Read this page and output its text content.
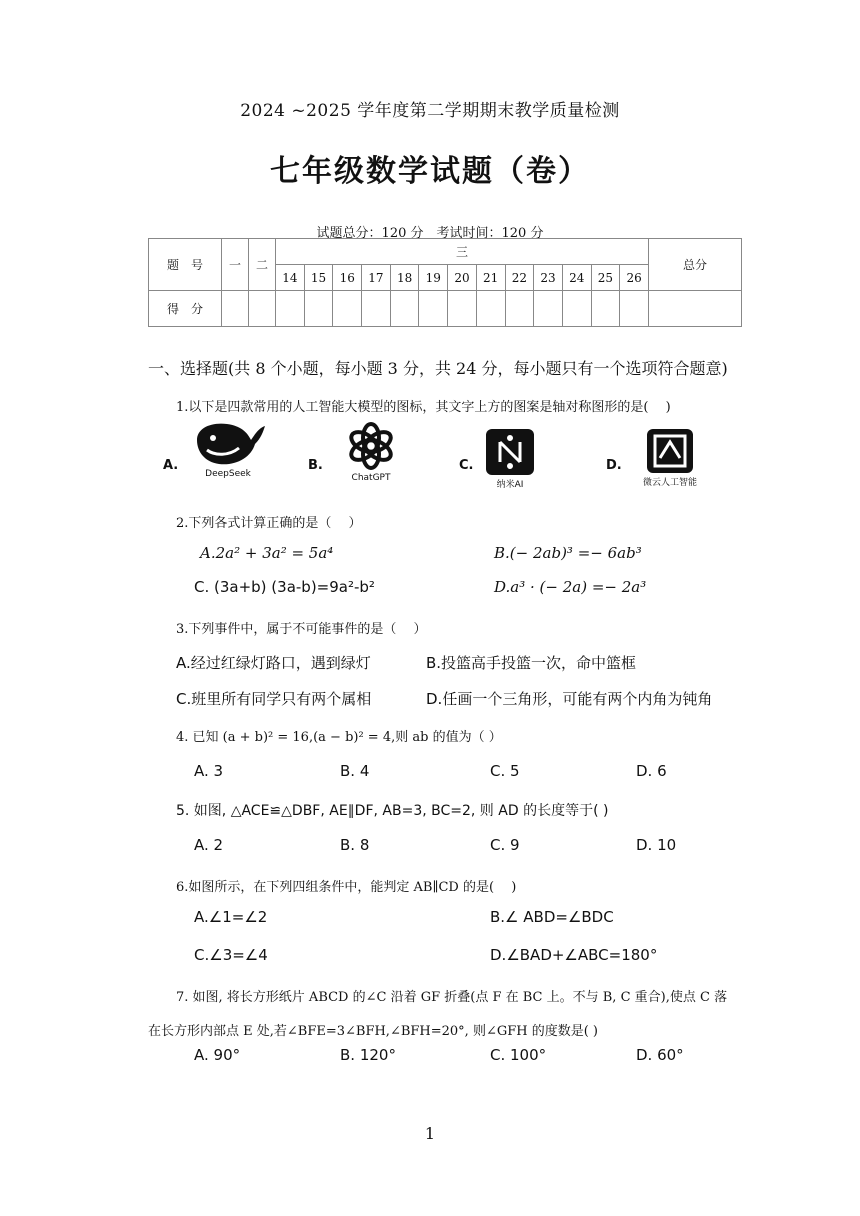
2024 ~2025 学年度第二学期期末教学质量检测
七年级数学试题（卷）
试题总分：120 分　考试时间：120 分
题　号	一	二	三													总分
			14	15	16	17	18	19	20	21	22	23	24	25	26	
得　分																
一、选择题(共 8 个小题，每小题 3 分，共 24 分，每小题只有一个选项符合题意)
1.以下是四款常用的人工智能大模型的图标，其文字上方的图案是轴对称图形的是(　 )
A.
DeepSeek
B.
ChatGPT
C.
纳米AI
D.
微云人工智能
2.下列各式计算正确的是（　 ）
A.2a² + 3a² = 5a⁴	B.(− 2ab)³ =− 6ab³
C. (3a+b) (3a-b)=9a²-b²	D.a³ · (− 2a) =− 2a³
3.下列事件中，属于不可能事件的是（　 ）
A.经过红绿灯路口，遇到绿灯	B.投篮高手投篮一次，命中篮框
C.班里所有同学只有两个属相	D.任画一个三角形，可能有两个内角为钝角
4. 已知 (a + b)² = 16,(a − b)² = 4,则 ab 的值为（ ）
A. 3	B. 4	C. 5	D. 6
5. 如图, △ACE≌△DBF, AE∥DF, AB=3, BC=2, 则 AD 的长度等于( )
A. 2	B. 8	C. 9	D. 10
6.如图所示，在下列四组条件中，能判定 AB∥CD 的是(　 )
A.∠1=∠2	B.∠ ABD=∠BDC
C.∠3=∠4	D.∠BAD+∠ABC=180°
7. 如图, 将长方形纸片 ABCD 的∠C 沿着 GF 折叠(点 F 在 BC 上。不与 B, C 重合),使点 C 落
在长方形内部点 E 处,若∠BFE=3∠BFH,∠BFH=20°, 则∠GFH 的度数是( )
A. 90°	B. 120°	C. 100°	D. 60°
1
